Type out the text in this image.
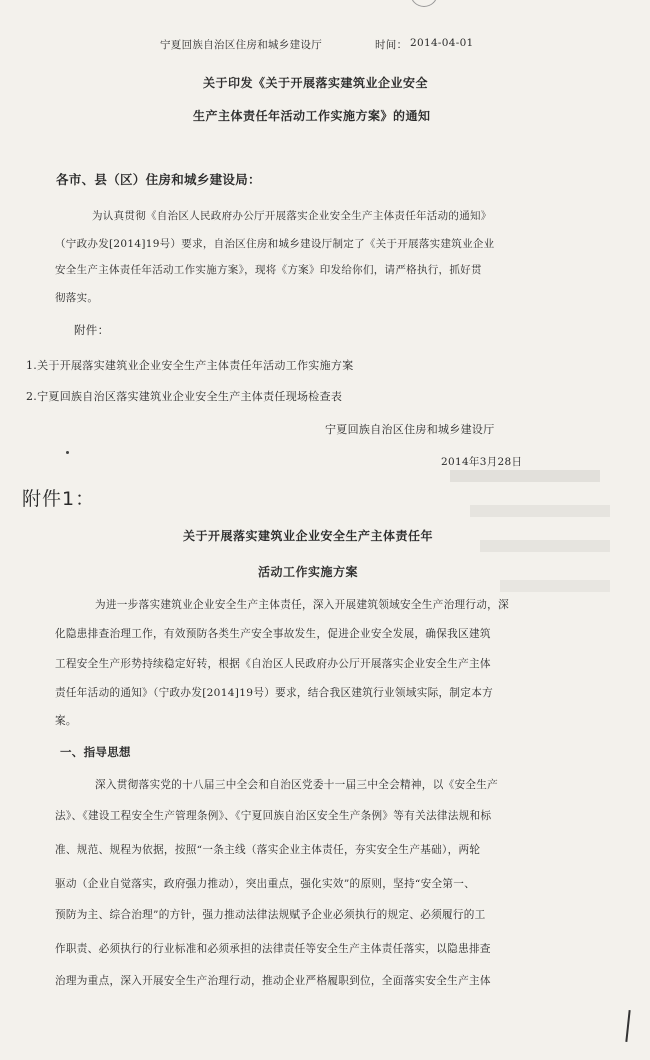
宁夏回族自治区住房和城乡建设厅	时间： 2014-04-01
关于印发《关于开展落实建筑业企业安全
生产主体责任年活动工作实施方案》的通知
各市、县（区）住房和城乡建设局：
为认真贯彻《自治区人民政府办公厅开展落实企业安全生产主体责任年活动的通知》
（宁政办发[2014]19号）要求，自治区住房和城乡建设厅制定了《关于开展落实建筑业企业
安全生产主体责任年活动工作实施方案》，现将《方案》印发给你们，请严格执行，抓好贯
彻落实。
附件：
1.关于开展落实建筑业企业安全生产主体责任年活动工作实施方案
2.宁夏回族自治区落实建筑业企业安全生产主体责任现场检查表
宁夏回族自治区住房和城乡建设厅
2014年3月28日
附件1：
关于开展落实建筑业企业安全生产主体责任年
活动工作实施方案
为进一步落实建筑业企业安全生产主体责任，深入开展建筑领域安全生产治理行动，深
化隐患排查治理工作，有效预防各类生产安全事故发生，促进企业安全发展，确保我区建筑
工程安全生产形势持续稳定好转，根据《自治区人民政府办公厅开展落实企业安全生产主体
责任年活动的通知》（宁政办发[2014]19号）要求，结合我区建筑行业领域实际，制定本方
案。
一、指导思想
深入贯彻落实党的十八届三中全会和自治区党委十一届三中全会精神，以《安全生产
法》、《建设工程安全生产管理条例》、《宁夏回族自治区安全生产条例》等有关法律法规和标
准、规范、规程为依据，按照“一条主线（落实企业主体责任，夯实安全生产基础），两轮
驱动（企业自觉落实，政府强力推动），突出重点，强化实效”的原则，坚持“安全第一、
预防为主、综合治理”的方针，强力推动法律法规赋予企业必须执行的规定、必须履行的工
作职责、必须执行的行业标准和必须承担的法律责任等安全生产主体责任落实，以隐患排查
治理为重点，深入开展安全生产治理行动，推动企业严格履职到位，全面落实安全生产主体
